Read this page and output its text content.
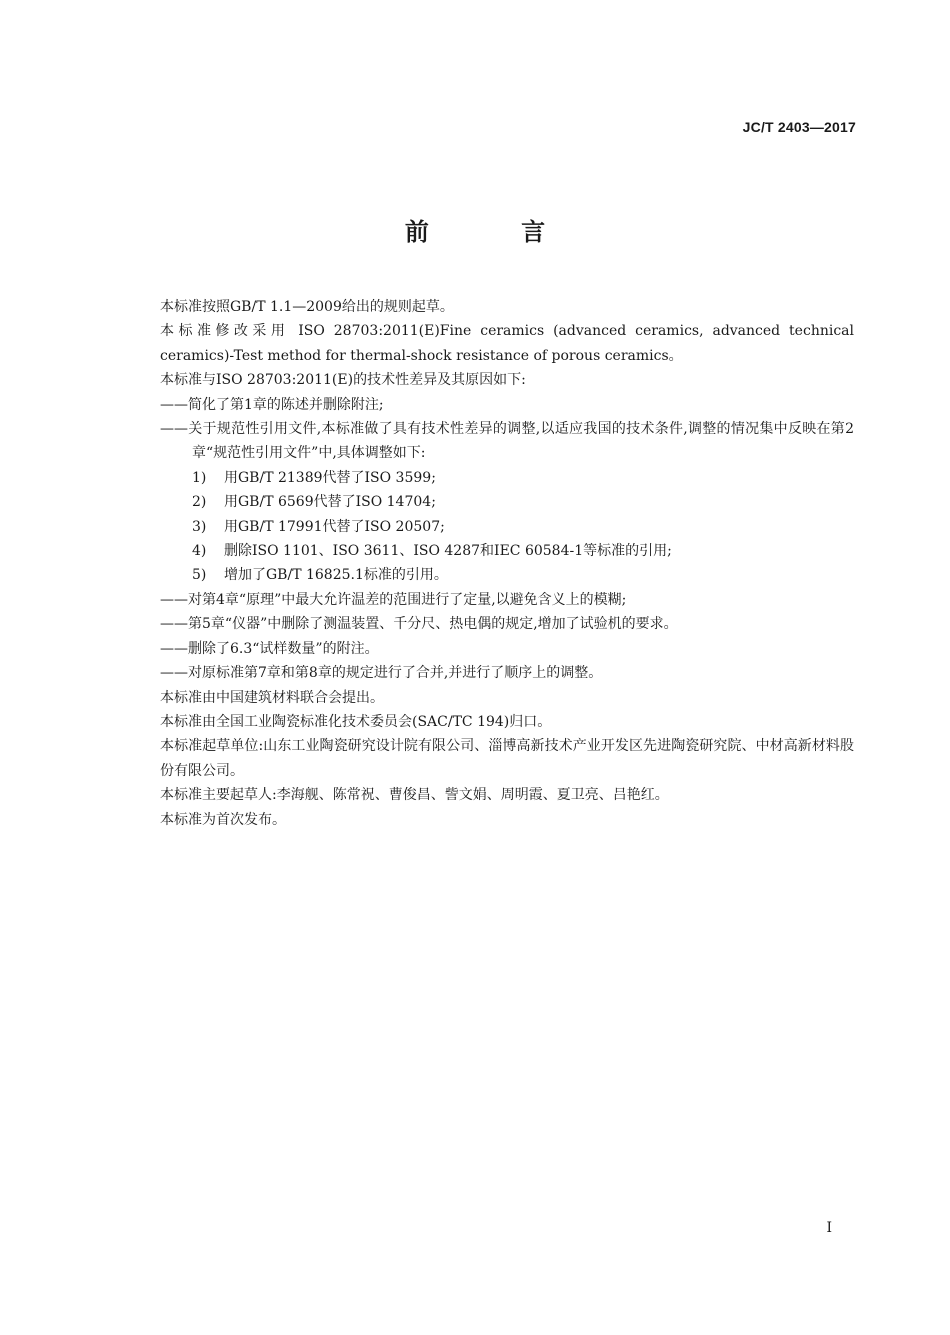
JC/T 2403—2017
前 言

本标准按照GB/T 1.1—2009给出的规则起草。

本标准修改采用 ISO 28703:2011(E)Fine ceramics (advanced ceramics, advanced technical ceramics)-Test method for thermal-shock resistance of porous ceramics。

本标准与ISO 28703:2011(E)的技术性差异及其原因如下:

——简化了第1章的陈述并删除附注;

——关于规范性引用文件,本标准做了具有技术性差异的调整,以适应我国的技术条件,调整的情况集中反映在第2章“规范性引用文件”中,具体调整如下:

1) 用GB/T 21389代替了ISO 3599;
2) 用GB/T 6569代替了ISO 14704;
3) 用GB/T 17991代替了ISO 20507;
4) 删除ISO 1101、ISO 3611、ISO 4287和IEC 60584-1等标准的引用;
5) 增加了GB/T 16825.1标准的引用。

——对第4章“原理”中最大允许温差的范围进行了定量,以避免含义上的模糊;

——第5章“仪器”中删除了测温装置、千分尺、热电偶的规定,增加了试验机的要求。

——删除了6.3“试样数量”的附注。

——对原标准第7章和第8章的规定进行了合并,并进行了顺序上的调整。

本标准由中国建筑材料联合会提出。

本标准由全国工业陶瓷标准化技术委员会(SAC/TC 194)归口。

本标准起草单位:山东工业陶瓷研究设计院有限公司、淄博高新技术产业开发区先进陶瓷研究院、中材高新材料股份有限公司。

本标准主要起草人:李海舰、陈常祝、曹俊昌、訾文娟、周明霞、夏卫亮、吕艳红。

本标准为首次发布。

I
